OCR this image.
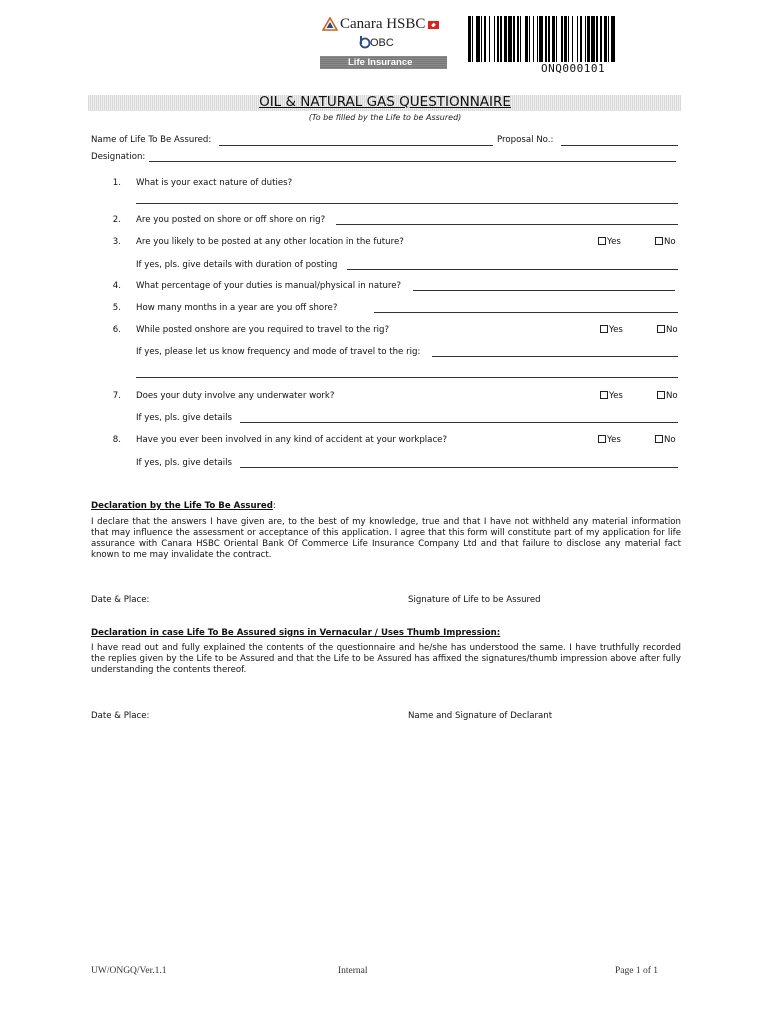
Canara HSBC
OBC
Life Insurance	ONQ000101
OIL & NATURAL GAS QUESTIONNAIRE
(To be filled by the Life to be Assured)
Name of Life To Be Assured:	Proposal No.:
Designation:
1. What is your exact nature of duties?
2. Are you posted on shore or off shore on rig?
3. Are you likely to be posted at any other location in the future?	Yes	No
If yes, pls. give details with duration of posting
4. What percentage of your duties is manual/physical in nature?
5. How many months in a year are you off shore?
6. While posted onshore are you required to travel to the rig?	Yes	No
If yes, please let us know frequency and mode of travel to the rig:
7. Does your duty involve any underwater work?	Yes	No
If yes, pls. give details
8. Have you ever been involved in any kind of accident at your workplace?	Yes	No
If yes, pls. give details
Declaration by the Life To Be Assured:
I declare that the answers I have given are, to the best of my knowledge, true and that I have not withheld any material information that may influence the assessment or acceptance of this application. I agree that this form will constitute part of my application for life assurance with Canara HSBC Oriental Bank Of Commerce Life Insurance Company Ltd and that failure to disclose any material fact known to me may invalidate the contract.
Date & Place:	Signature of Life to be Assured
Declaration in case Life To Be Assured signs in Vernacular / Uses Thumb Impression:
I have read out and fully explained the contents of the questionnaire and he/she has understood the same. I have truthfully recorded the replies given by the Life to be Assured and that the Life to be Assured has affixed the signatures/thumb impression above after fully understanding the contents thereof.
Date & Place:	Name and Signature of Declarant
UW/ONGQ/Ver.1.1	Internal	Page 1 of 1
